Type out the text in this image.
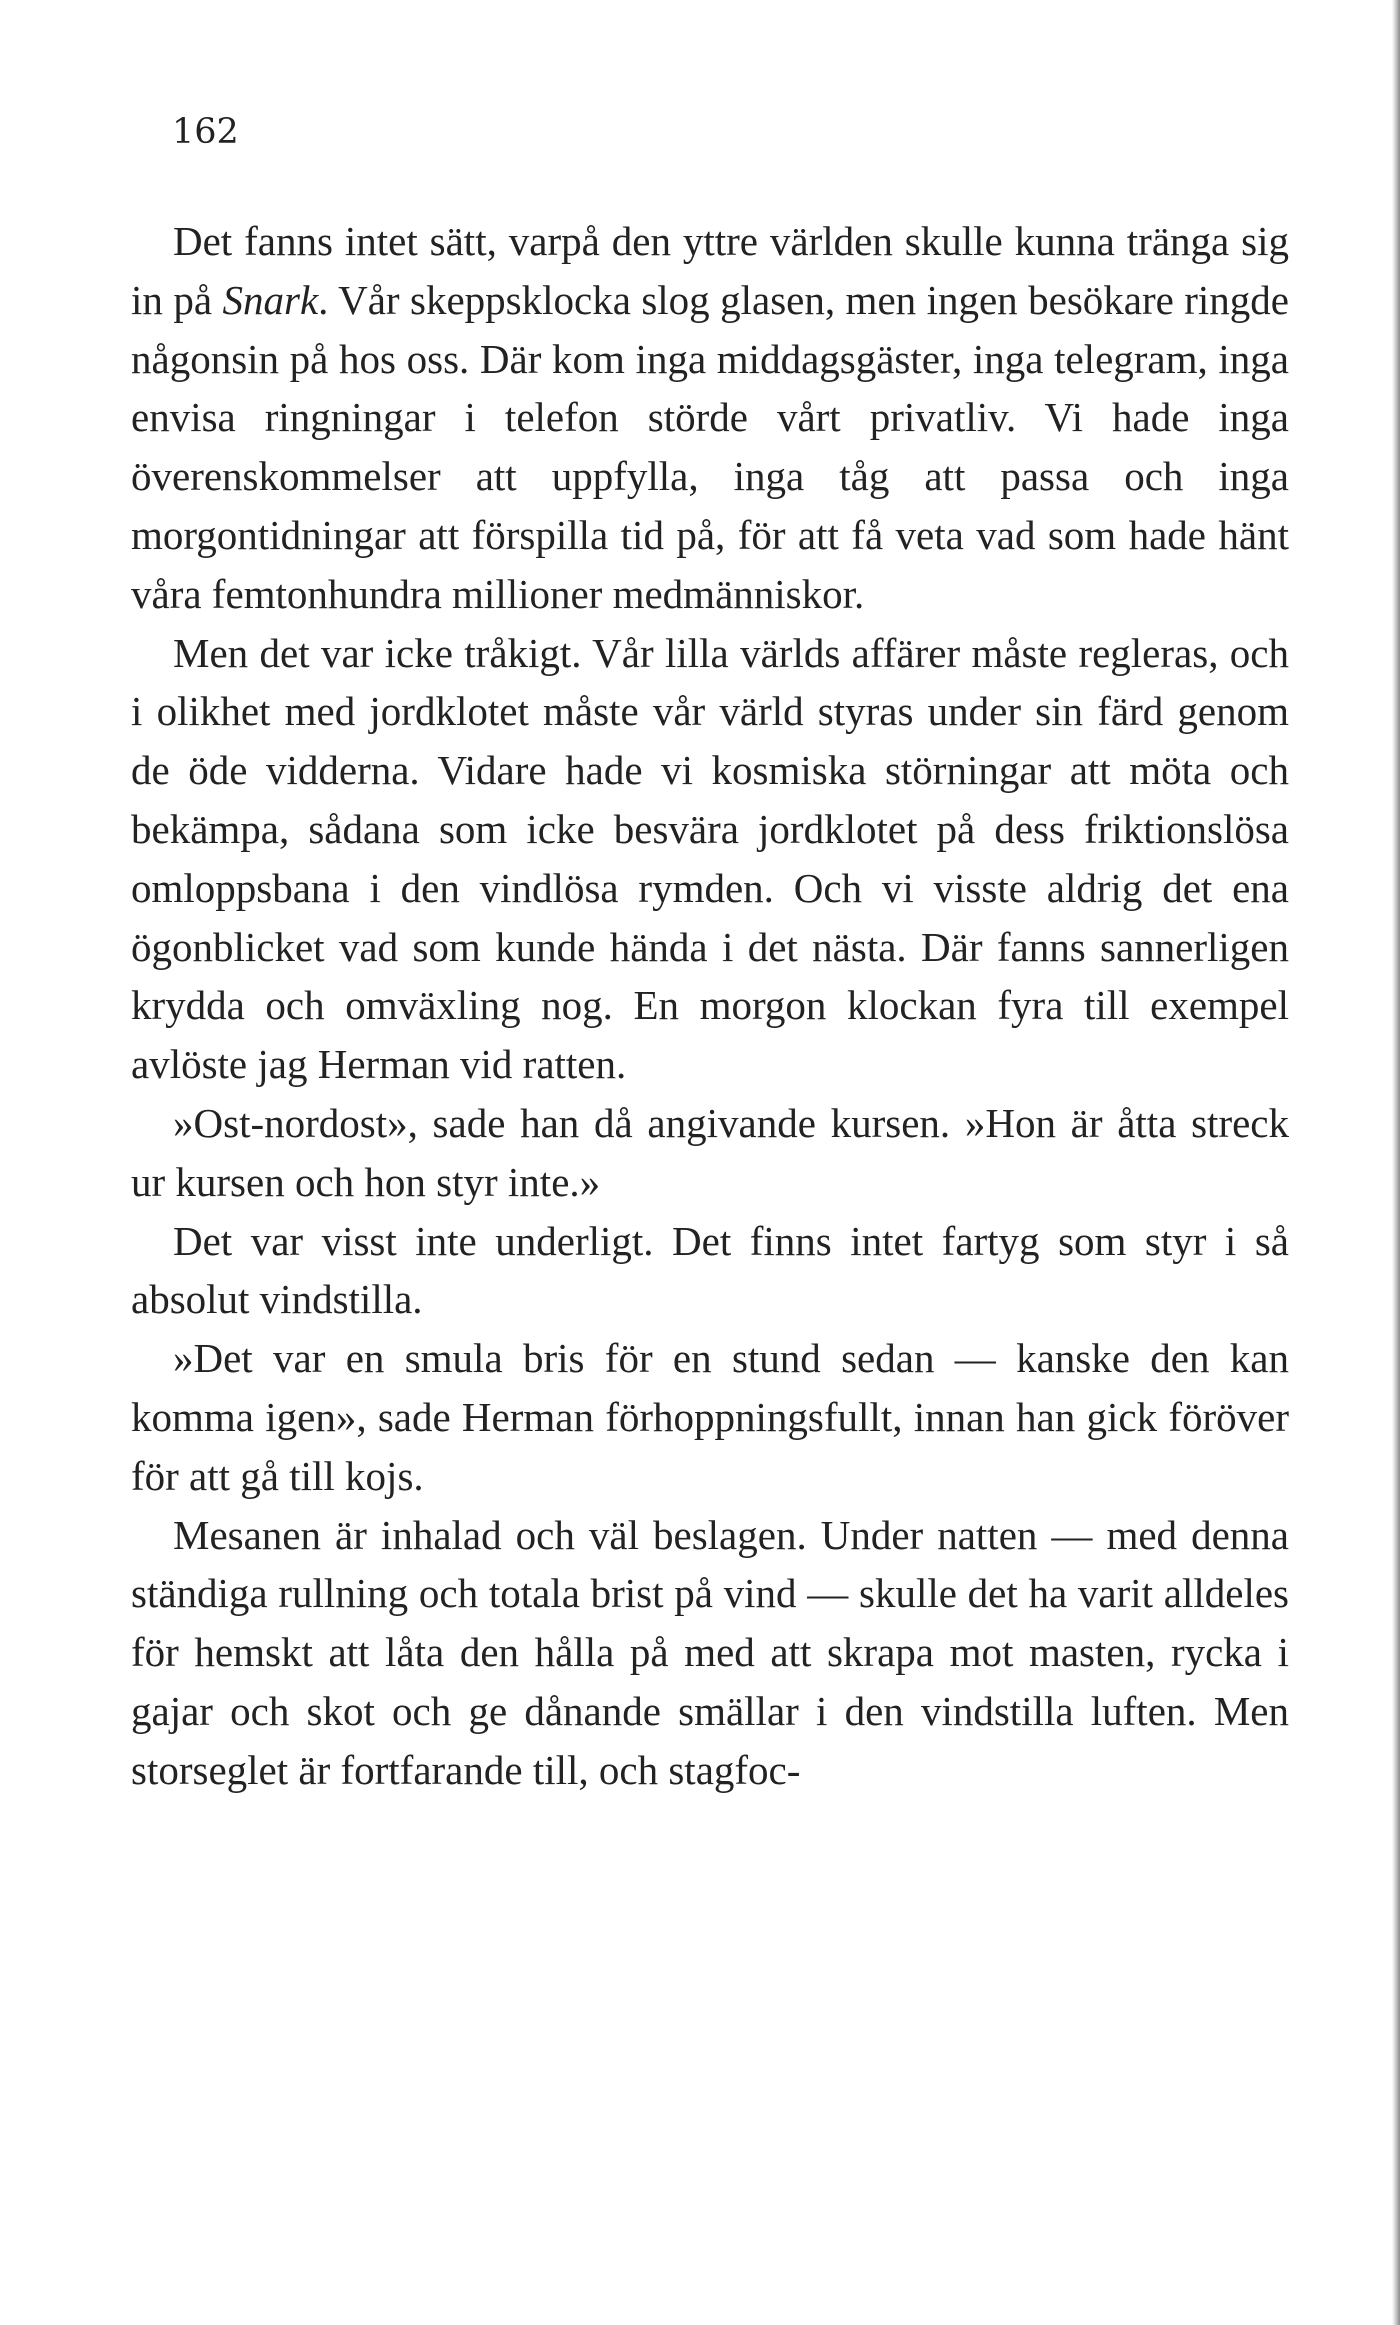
162

Det fanns intet sätt, varpå den yttre världen skulle kunna tränga sig in på Snark. Vår skeppsklocka slog glasen, men ingen besökare ringde någonsin på hos oss. Där kom inga middagsgäster, inga telegram, inga envisa ringningar i telefon störde vårt privatliv. Vi hade inga överenskommelser att uppfylla, inga tåg att passa och inga morgontidningar att förspilla tid på, för att få veta vad som hade hänt våra femtonhundra millioner medmänniskor.

Men det var icke tråkigt. Vår lilla världs affärer måste regleras, och i olikhet med jordklotet måste vår värld styras under sin färd genom de öde vidderna. Vidare hade vi kosmiska störningar att möta och bekämpa, sådana som icke besvära jordklotet på dess friktionslösa omloppsbana i den vindlösa rymden. Och vi visste aldrig det ena ögonblicket vad som kunde hända i det nästa. Där fanns sannerligen krydda och omväxling nog. En morgon klockan fyra till exempel avlöste jag Herman vid ratten.

»Ost-nordost», sade han då angivande kursen. »Hon är åtta streck ur kursen och hon styr inte.»

Det var visst inte underligt. Det finns intet fartyg som styr i så absolut vindstilla.

»Det var en smula bris för en stund sedan — kanske den kan komma igen», sade Herman förhoppningsfullt, innan han gick föröver för att gå till kojs.

Mesanen är inhalad och väl beslagen. Under natten — med denna ständiga rullning och totala brist på vind — skulle det ha varit alldeles för hemskt att låta den hålla på med att skrapa mot masten, rycka i gajar och skot och ge dånande smällar i den vindstilla luften. Men storseglet är fortfarande till, och stagfoc-
